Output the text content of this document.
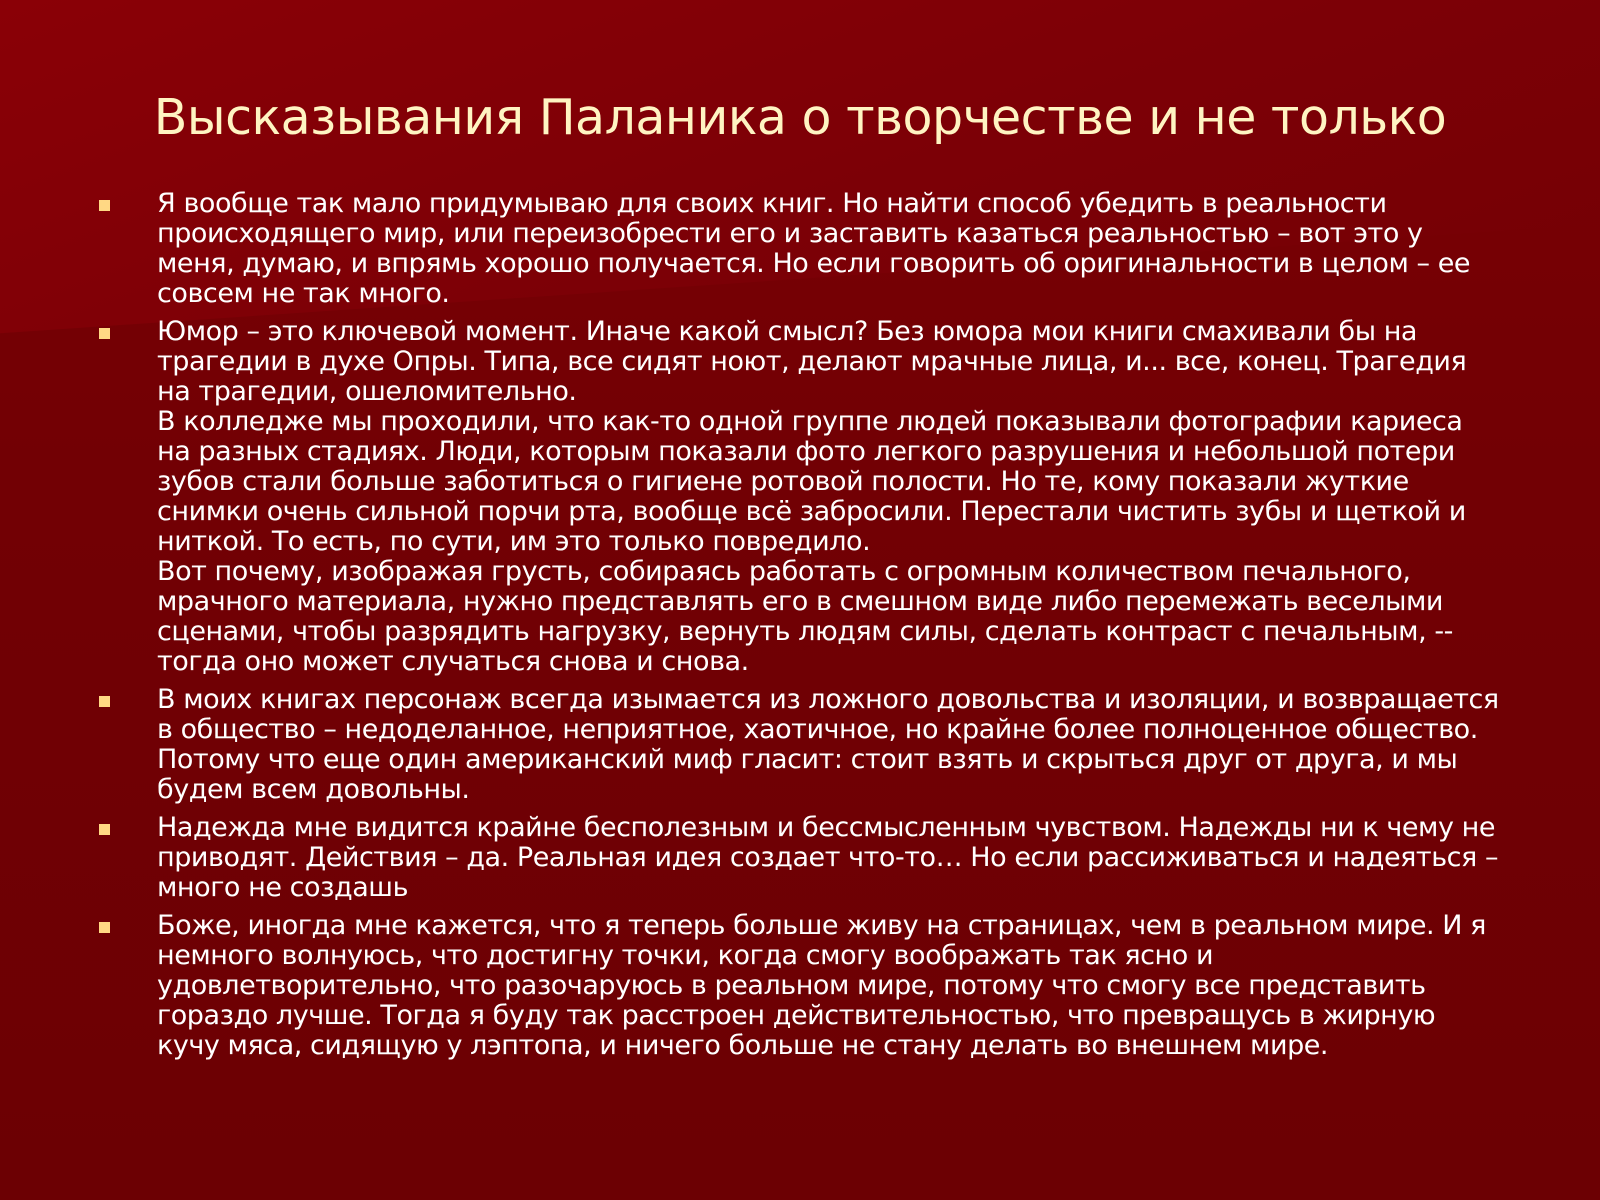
Высказывания Паланика о творчестве и не только

Я вообще так мало придумываю для своих книг. Но найти способ убедить в реальности происходящего мир, или переизобрести его и заставить казаться реальностью – вот это у меня, думаю, и впрямь хорошо получается. Но если говорить об оригинальности в целом – ее совсем не так много.

Юмор – это ключевой момент. Иначе какой смысл? Без юмора мои книги смахивали бы на трагедии в духе Опры. Типа, все сидят ноют, делают мрачные лица, и... все, конец. Трагедия на трагедии, ошеломительно.

В колледже мы проходили, что как-то одной группе людей показывали фотографии кариеса на разных стадиях. Люди, которым показали фото легкого разрушения и небольшой потери зубов стали больше заботиться о гигиене ротовой полости. Но те, кому показали жуткие снимки очень сильной порчи рта, вообще всё забросили. Перестали чистить зубы и щеткой и ниткой. То есть, по сути, им это только повредило.

Вот почему, изображая грусть, собираясь работать с огромным количеством печального, мрачного материала, нужно представлять его в смешном виде либо перемежать веселыми сценами, чтобы разрядить нагрузку, вернуть людям силы, сделать контраст с печальным, -- тогда оно может случаться снова и снова.

В моих книгах персонаж всегда изымается из ложного довольства и изоляции, и возвращается в общество – недоделанное, неприятное, хаотичное, но крайне более полноценное общество. Потому что еще один американский миф гласит: стоит взять и скрыться друг от друга, и мы будем всем довольны.

Надежда мне видится крайне бесполезным и бессмысленным чувством. Надежды ни к чему не приводят. Действия – да. Реальная идея создает что-то… Но если рассиживаться и надеяться – много не создашь

Боже, иногда мне кажется, что я теперь больше живу на страницах, чем в реальном мире. И я немного волнуюсь, что достигну точки, когда смогу воображать так ясно и удовлетворительно, что разочаруюсь в реальном мире, потому что смогу все представить гораздо лучше. Тогда я буду так расстроен действительностью, что превращусь в жирную кучу мяса, сидящую у лэптопа, и ничего больше не стану делать во внешнем мире.
